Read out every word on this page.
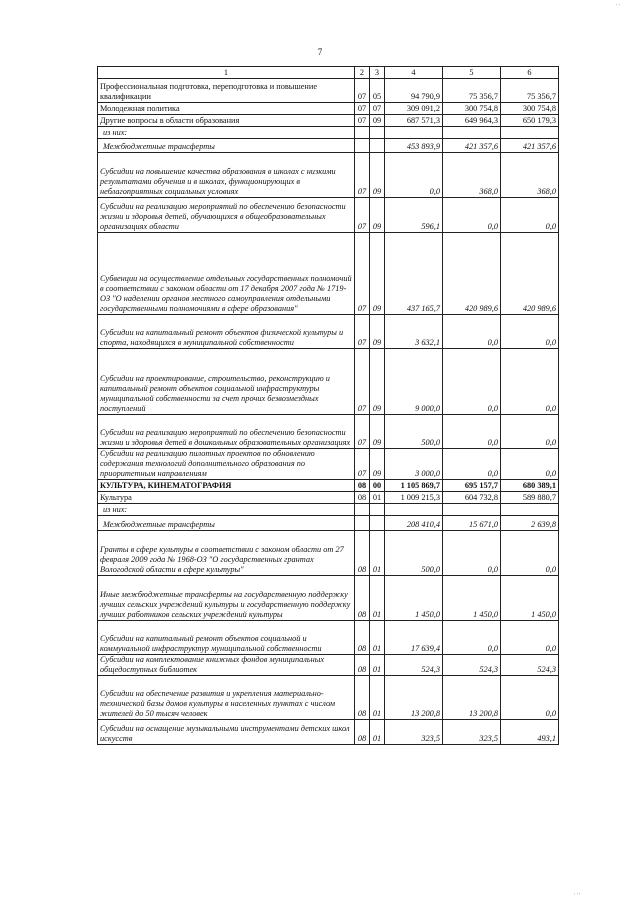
7
1	2	3	4	5	6
Профессиональная подготовка, переподготовка и повышение квалификации	07	05	94 790,9	75 356,7	75 356,7
Молодежная политика	07	07	309 091,2	300 754,8	300 754,8
Другие вопросы в области образования	07	09	687 571,3	649 964,3	650 179,3
из них:					
Межбюджетные трансферты			453 893,9	421 357,6	421 357,6
Субсидии на повышение качества образования в школах с низкими результатами обучения и в школах, функционирующих в неблагоприятных социальных условиях	07	09	0,0	368,0	368,0
Субсидии на реализацию мероприятий по обеспечению безопасности жизни и здоровья детей, обучающихся в общеобразовательных организациях области	07	09	596,1	0,0	0,0
Субвенции на осуществление отдельных государственных полномочий в соответствии с законом области от 17 декабря 2007 года № 1719-ОЗ "О наделении органов местного самоуправления отдельными государственными полномочиями в сфере образования"	07	09	437 165,7	420 989,6	420 989,6
Субсидии на капитальный ремонт объектов физической культуры и спорта, находящихся в муниципальной собственности	07	09	3 632,1	0,0	0,0
Субсидии на проектирование, строительство, реконструкцию и капитальный ремонт объектов социальной инфраструктуры муниципальной собственности за счет прочих безвозмездных поступлений	07	09	9 000,0	0,0	0,0
Субсидии на реализацию мероприятий по обеспечению безопасности жизни и здоровья детей в дошкольных образовательных организациях	07	09	500,0	0,0	0,0
Субсидии на реализацию пилотных проектов по обновлению содержания технологий дополнительного образования по приоритетным направлениям	07	09	3 000,0	0,0	0,0
КУЛЬТУРА, КИНЕМАТОГРАФИЯ	08	00	1 105 869,7	695 157,7	680 389,1
Культура	08	01	1 009 215,3	604 732,8	589 880,7
из них:					
Межбюджетные трансферты			208 410,4	15 671,0	2 639,8
Гранты в сфере культуры в соответствии с законом области от 27 февраля 2009 года № 1968-ОЗ "О государственных грантах Вологодской области в сфере культуры"	08	01	500,0	0,0	0,0
Иные межбюджетные трансферты на государственную поддержку лучших сельских учреждений культуры и государственную поддержку лучших работников сельских учреждений культуры	08	01	1 450,0	1 450,0	1 450,0
Субсидии на капитальный ремонт объектов социальной и коммунальной инфраструктур муниципальной собственности	08	01	17 639,4	0,0	0,0
Субсидии на комплектование книжных фондов муниципальных общедоступных библиотек	08	01	524,3	524,3	524,3
Субсидии на обеспечение развития и укрепления материально-технической базы домов культуры в населенных пунктах с числом жителей до 50 тысяч человек	08	01	13 200,8	13 200,8	0,0
Субсидии на оснащение музыкальными инструментами детских школ искусств	08	01	323,5	323,5	493,1
' '
' ' '
